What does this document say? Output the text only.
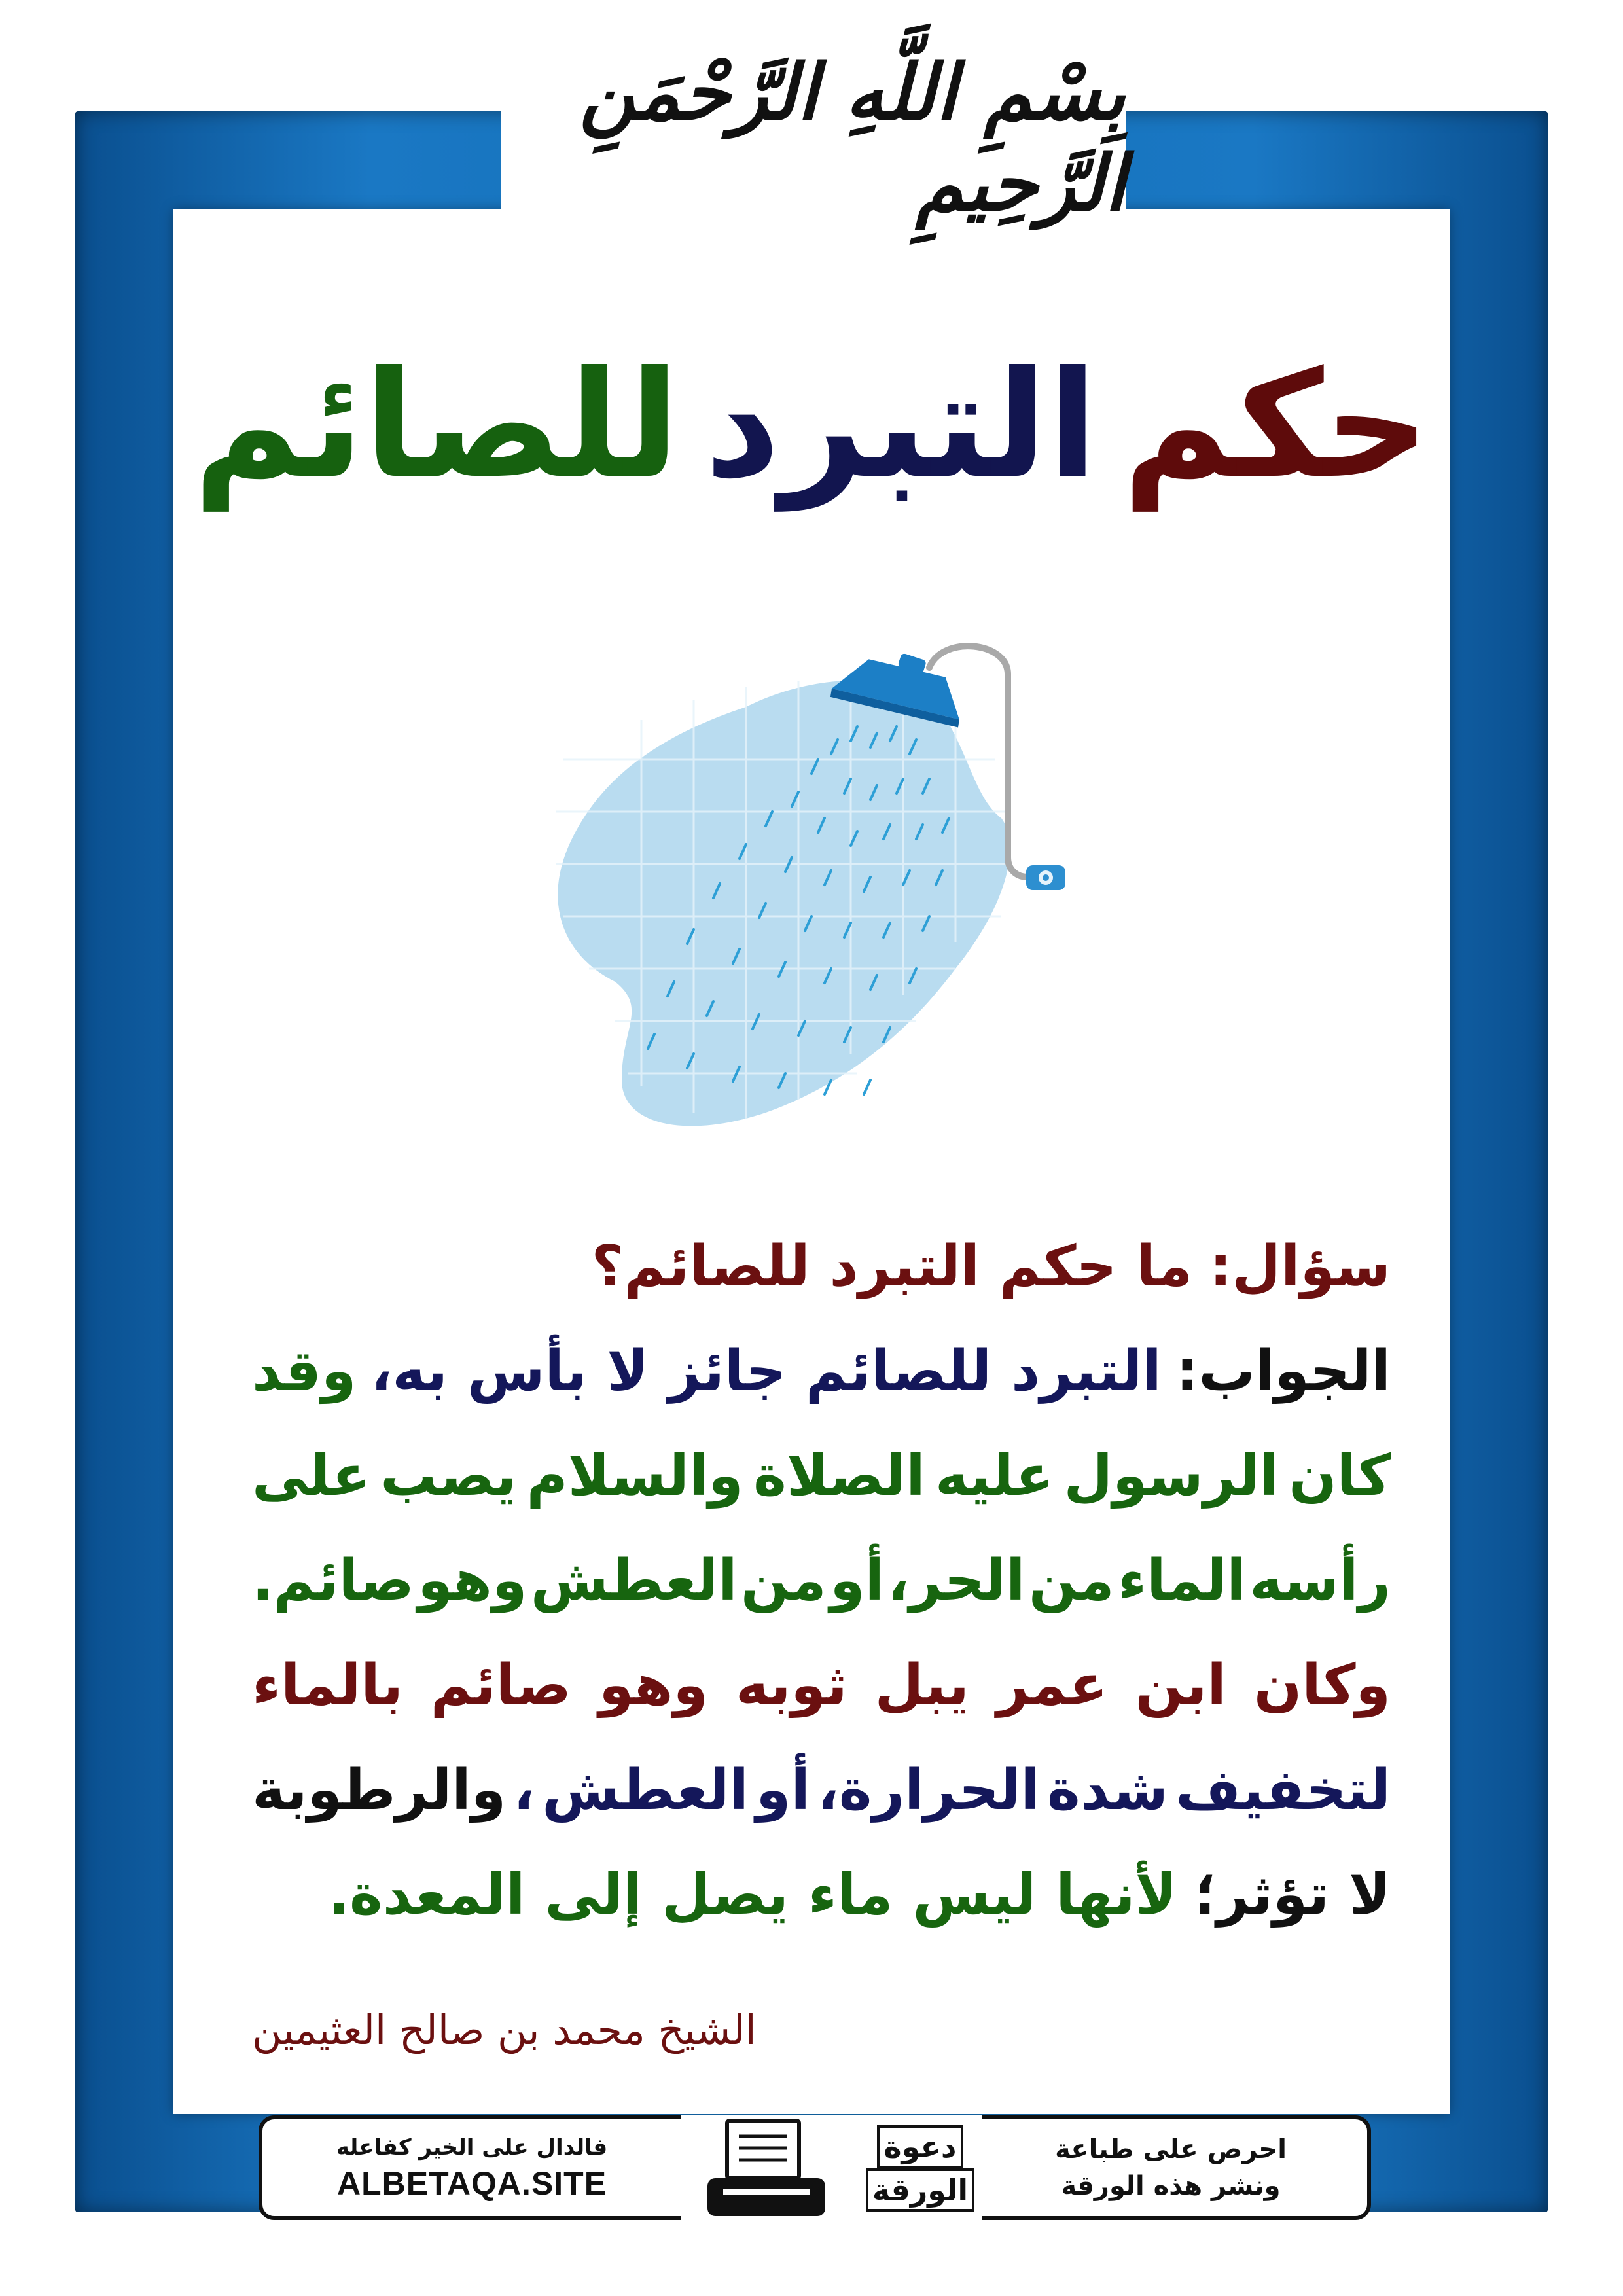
بِسْمِ اللَّهِ الرَّحْمَنِ الرَّحِيمِ
حكم
التبرد
للصائم
سؤال:
ما حكم التبرد للصائم؟
الجواب:
التبرد للصائم جائز لا بأس به،
وقد
كان
الرسول
عليه
الصلاة
والسلام
يصب
على
رأسه
الماء
من
الحر،
أو
من
العطش
وهو
صائم.
وكان
ابن
عمر
يبل
ثوبه
وهو
صائم
بالماء
لتخفيف
شدة
الحرارة،
أو
العطش
،
والرطوبة
لا تؤثر؛
لأنها ليس ماء يصل إلى المعدة.
الشيخ محمد بن صالح العثيمين
احرص على طباعة
ونشر هذه الورقة
دعوة
الورقة
فالدال على الخير كفاعله
ALBETAQA.SITE
